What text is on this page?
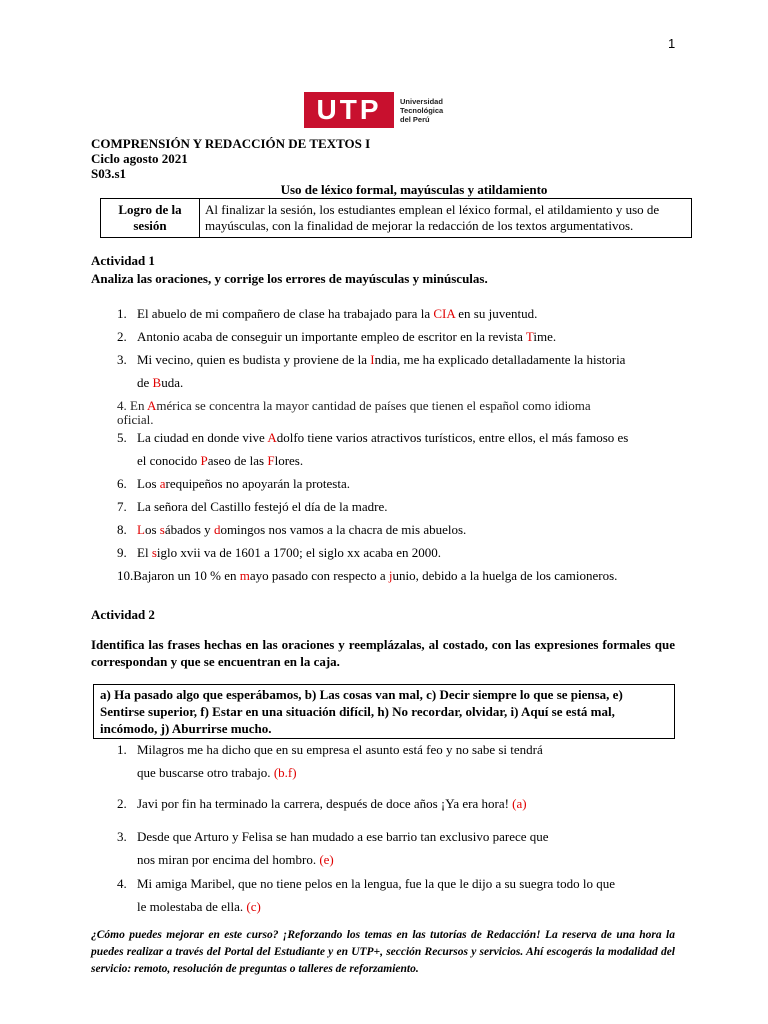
1
UTP	Universidad
Tecnológica
del Perú
COMPRENSIÓN Y REDACCIÓN DE TEXTOS I
Ciclo agosto 2021
S03.s1
Uso de léxico formal, mayúsculas y atildamiento
Logro de la sesión	Al finalizar la sesión, los estudiantes emplean el léxico formal, el atildamiento y uso de mayúsculas, con la finalidad de mejorar la redacción de los textos argumentativos.
Actividad 1
Analiza las oraciones, y corrige los errores de mayúsculas y minúsculas.
1. El abuelo de mi compañero de clase ha trabajado para la CIA en su juventud.
2. Antonio acaba de conseguir un importante empleo de escritor en la revista Time.
3. Mi vecino, quien es budista y proviene de la India, me ha explicado detalladamente la historia
de Buda.
4. En América se concentra la mayor cantidad de países que tienen el español como idioma
oficial.
5. La ciudad en donde vive Adolfo tiene varios atractivos turísticos, entre ellos, el más famoso es
el conocido Paseo de las Flores.
6. Los arequipeños no apoyarán la protesta.
7. La señora del Castillo festejó el día de la madre.
8. Los sábados y domingos nos vamos a la chacra de mis abuelos.
9. El siglo xvii va de 1601 a 1700; el siglo xx acaba en 2000.
10.Bajaron un 10 % en mayo pasado con respecto a junio, debido a la huelga de los camioneros.
Actividad 2
Identifica las frases hechas en las oraciones y reemplázalas, al costado, con las expresiones formales que correspondan y que se encuentran en la caja.
a) Ha pasado algo que esperábamos, b) Las cosas van mal, c) Decir siempre lo que se piensa, e) Sentirse superior, f) Estar en una situación difícil, h) No recordar, olvidar, i) Aquí se está mal, incómodo, j) Aburrirse mucho.
1. Milagros me ha dicho que en su empresa el asunto está feo y no sabe si tendrá
que buscarse otro trabajo. (b.f)
2. Javi por fin ha terminado la carrera, después de doce años ¡Ya era hora! (a)
3. Desde que Arturo y Felisa se han mudado a ese barrio tan exclusivo parece que
nos miran por encima del hombro. (e)
4. Mi amiga Maribel, que no tiene pelos en la lengua, fue la que le dijo a su suegra todo lo que
le molestaba de ella. (c)
¿Cómo puedes mejorar en este curso? ¡Reforzando los temas en las tutorías de Redacción! La reserva de una hora la puedes realizar a través del Portal del Estudiante y en UTP+, sección Recursos y servicios. Ahí escogerás la modalidad del servicio: remoto, resolución de preguntas o talleres de reforzamiento.
